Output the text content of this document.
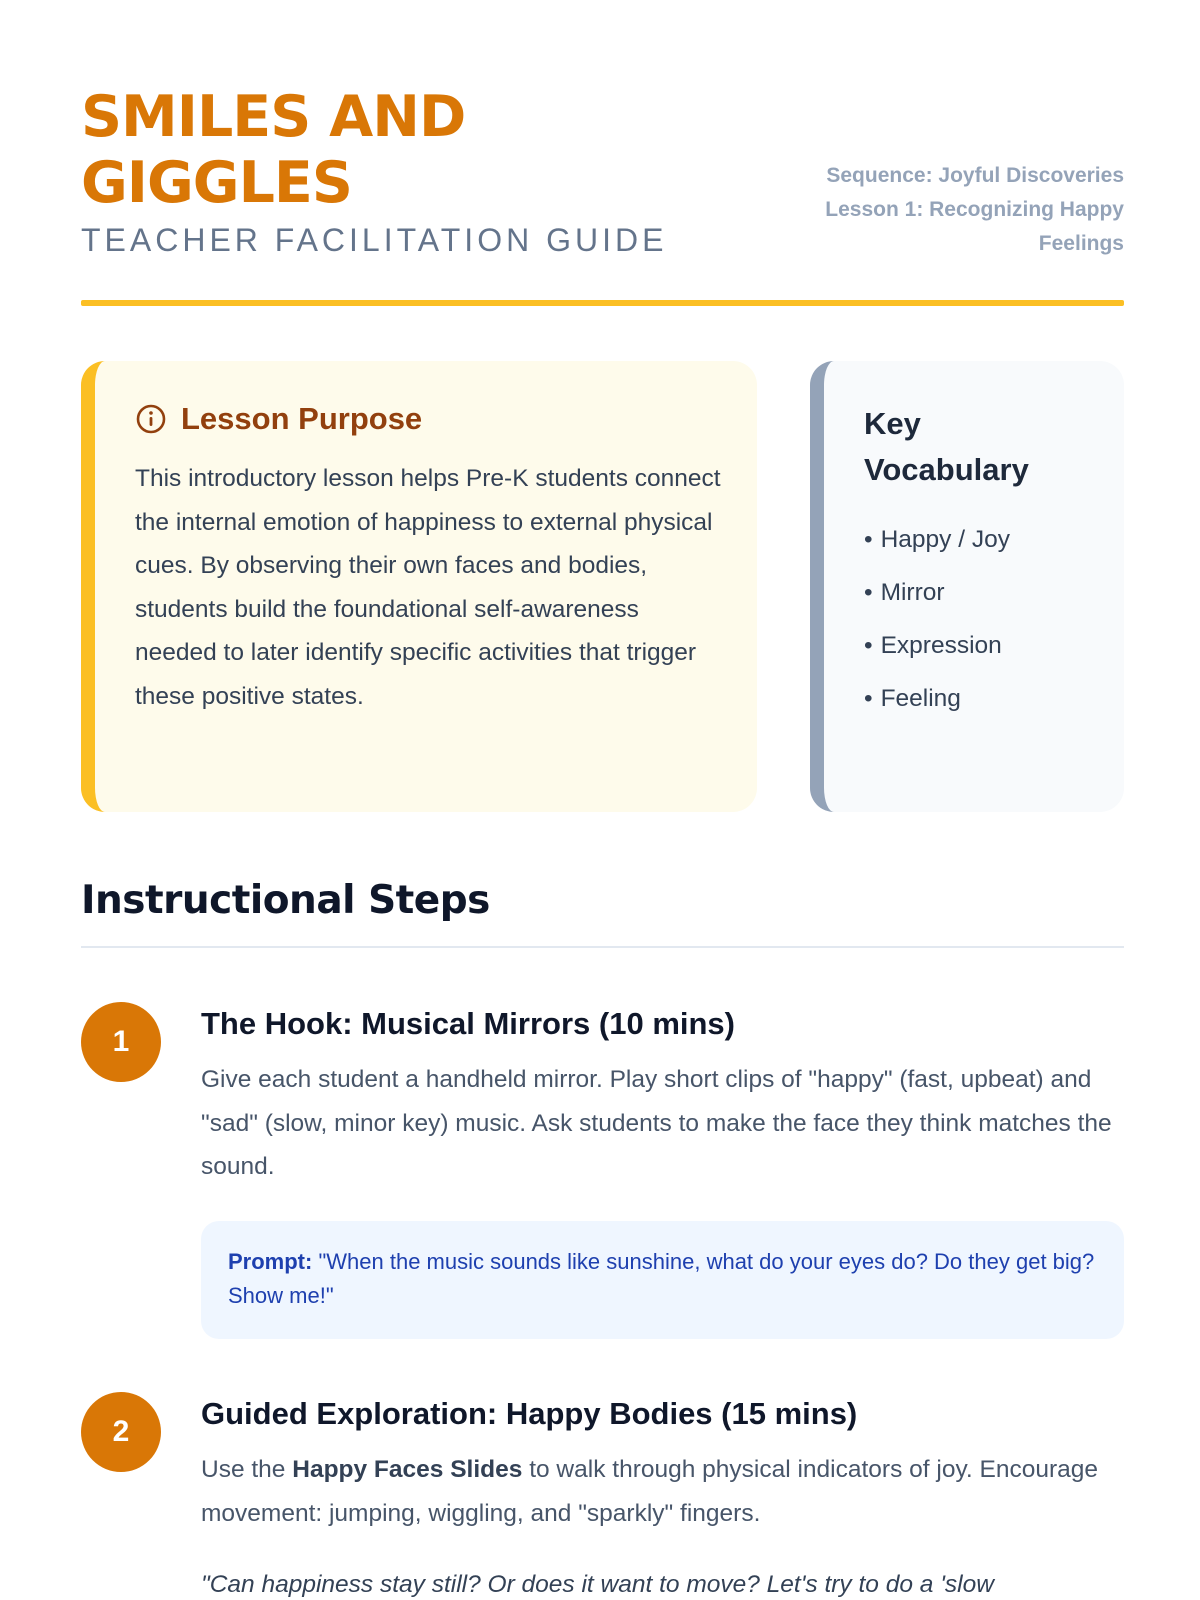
SMILES AND
GIGGLES

TEACHER FACILITATION GUIDE

Sequence: Joyful Discoveries
Lesson 1: Recognizing Happy
Feelings
Lesson Purpose

This introductory lesson helps Pre-K students connect the internal emotion of happiness to external physical cues. By observing their own faces and bodies, students build the foundational self-awareness needed to later identify specific activities that trigger these positive states.

Key
Vocabulary
• Happy / Joy
• Mirror
• Expression
• Feeling
Instructional Steps
1
The Hook: Musical Mirrors (10 mins)

Give each student a handheld mirror. Play short clips of "happy" (fast, upbeat) and "sad" (slow, minor key) music. Ask students to make the face they think matches the sound.

Prompt: "When the music sounds like sunshine, what do your eyes do? Do they get big? Show me!"
2
Guided Exploration: Happy Bodies (15 mins)

Use the Happy Faces Slides to walk through physical indicators of joy. Encourage movement: jumping, wiggling, and "sparkly" fingers.

"Can happiness stay still? Or does it want to move? Let's try to do a 'slow
